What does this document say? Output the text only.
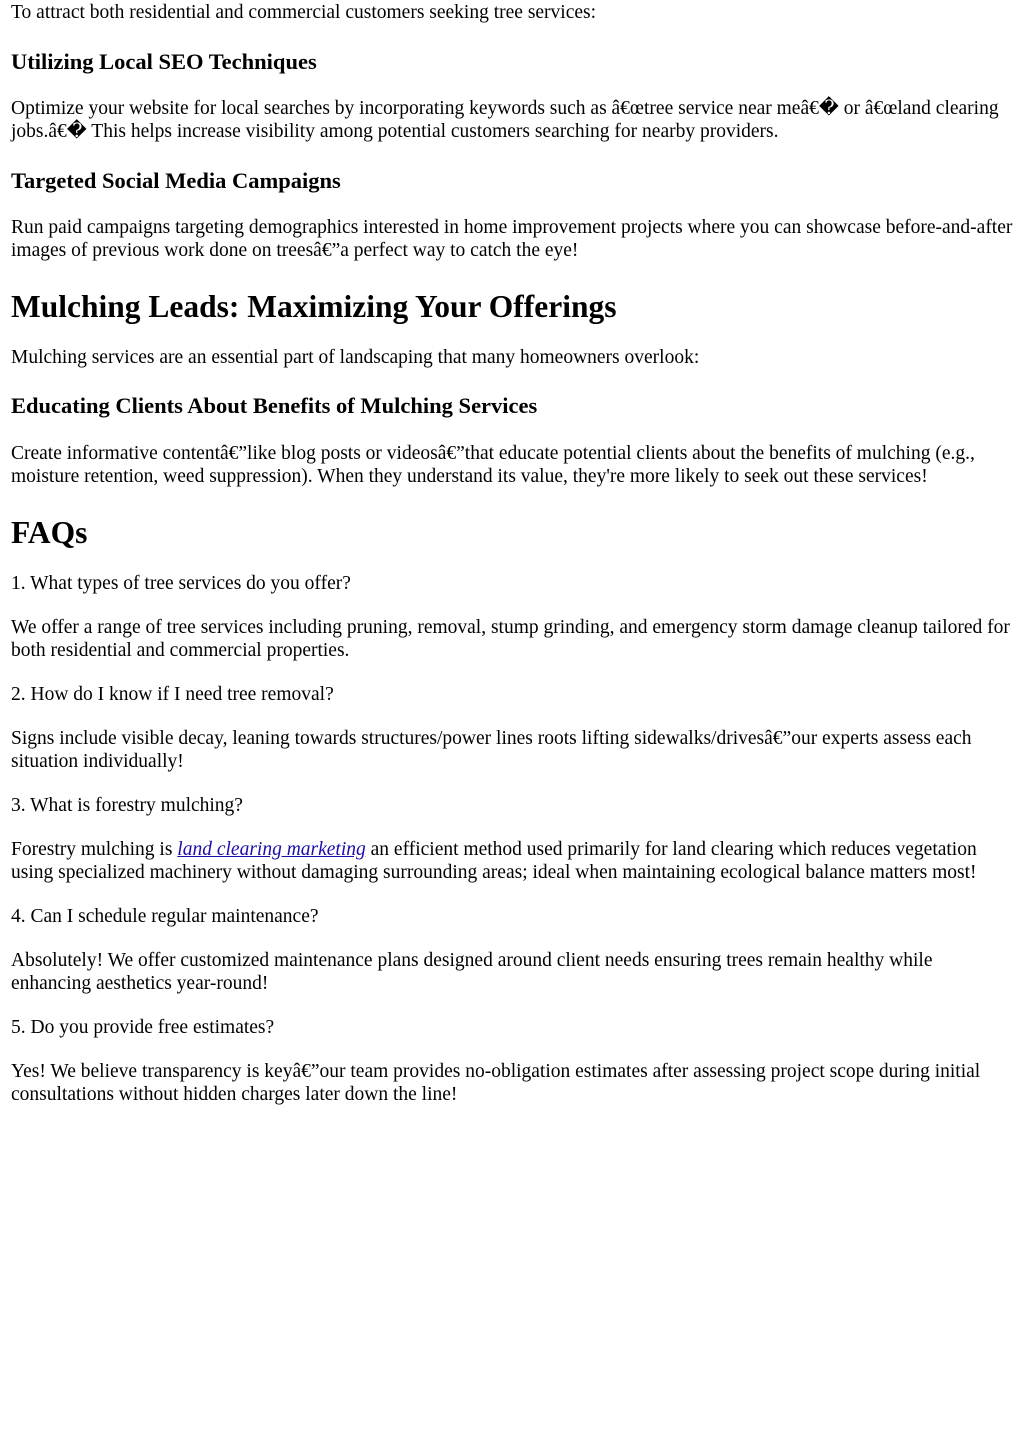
To attract both residential and commercial customers seeking tree services:

Utilizing Local SEO Techniques

Optimize your website for local searches by incorporating keywords such as â€œtree service near meâ€� or â€œland clearing jobs.â€� This helps increase visibility among potential customers searching for nearby providers.

Targeted Social Media Campaigns

Run paid campaigns targeting demographics interested in home improvement projects where you can showcase before-and-after images of previous work done on treesâ€”a perfect way to catch the eye!

Mulching Leads: Maximizing Your Offerings

Mulching services are an essential part of landscaping that many homeowners overlook:

Educating Clients About Benefits of Mulching Services

Create informative contentâ€”like blog posts or videosâ€”that educate potential clients about the benefits of mulching (e.g., moisture retention, weed suppression). When they understand its value, they're more likely to seek out these services!

FAQs

1. What types of tree services do you offer?

We offer a range of tree services including pruning, removal, stump grinding, and emergency storm damage cleanup tailored for both residential and commercial properties.

2. How do I know if I need tree removal?

Signs include visible decay, leaning towards structures/power lines roots lifting sidewalks/drivesâ€”our experts assess each situation individually!

3. What is forestry mulching?

Forestry mulching is land clearing marketing an efficient method used primarily for land clearing which reduces vegetation using specialized machinery without damaging surrounding areas; ideal when maintaining ecological balance matters most!

4. Can I schedule regular maintenance?

Absolutely! We offer customized maintenance plans designed around client needs ensuring trees remain healthy while enhancing aesthetics year-round!

5. Do you provide free estimates?

Yes! We believe transparency is keyâ€”our team provides no-obligation estimates after assessing project scope during initial consultations without hidden charges later down the line!
